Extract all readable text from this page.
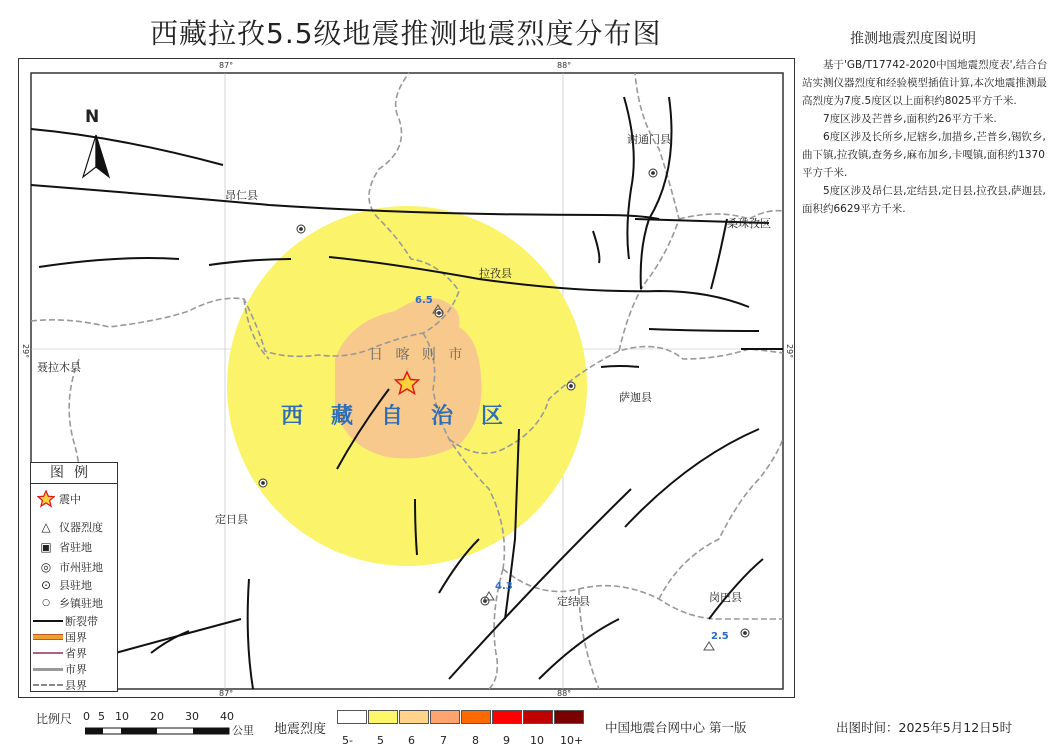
西藏拉孜5.5级地震推测地震烈度分布图
87°	88°
87°	88°
29°	29°
N
昂仁县
谢通门县
桑珠孜区
拉孜县
聂拉木县
萨迦县
定日县
定结县	岗巴县
日 喀 则 市
西藏自治区
6.5
4.3
2.5
图例
震中
△ 仪器烈度
▣ 省驻地
◎ 市州驻地
⊙ 县驻地
○ 乡镇驻地
断裂带
国界
省界
市界
县界
推测地震烈度图说明

基于'GB/T17742-2020中国地震烈度表',结合台站实测仪器烈度和经验模型插值计算,本次地震推测最高烈度为7度.5度区以上面积约8025平方千米.

7度区涉及芒普乡,面积约26平方千米.

6度区涉及长所乡,尼辖乡,加措乡,芒普乡,锡钦乡,曲下镇,拉孜镇,查务乡,麻布加乡,卡嘎镇,面积约1370平方千米.

5度区涉及昂仁县,定结县,定日县,拉孜县,萨迦县,面积约6629平方千米.

比例尺 0 5 10 20 30 40
公里 地震烈度
5- 5 6 7 8 9 10 10+
中国地震台网中心 第一版	出图时间：2025年5月12日5时
